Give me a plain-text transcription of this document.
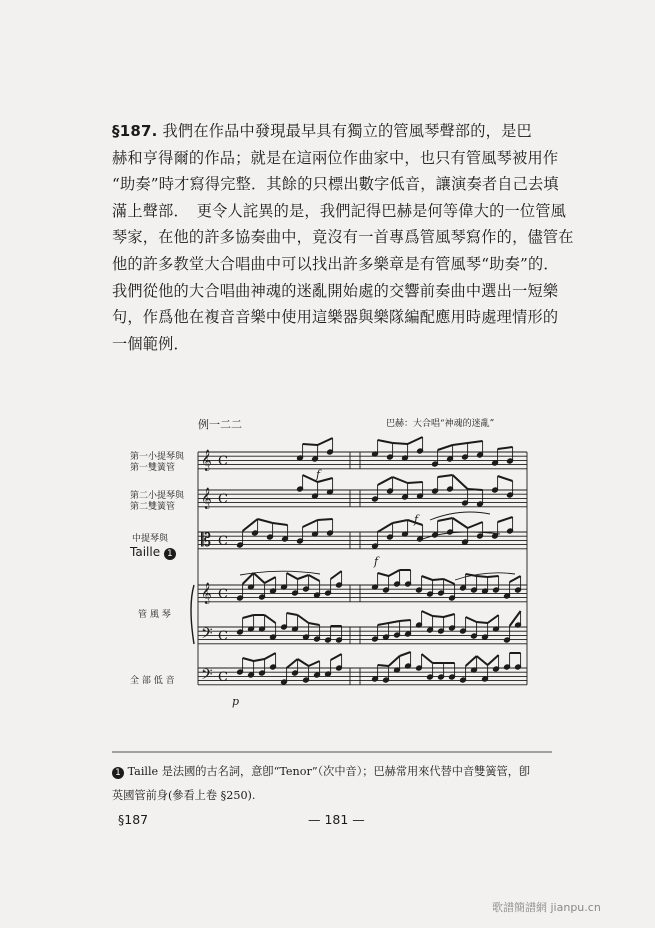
§187. 我們在作品中發現最早具有獨立的管風琴聲部的，是巴

赫和亨得爾的作品；就是在這兩位作曲家中，也只有管風琴被用作

“助奏”時才寫得完整．其餘的只標出數字低音，讓演奏者自己去填

滿上聲部．　更令人詫異的是，我們記得巴赫是何等偉大的一位管風

琴家，在他的許多協奏曲中，竟沒有一首專爲管風琴寫作的，儘管在

他的許多教堂大合唱曲中可以找出許多樂章是有管風琴“助奏”的．

我們從他的大合唱曲神魂的迷亂開始處的交響前奏曲中選出一短樂

句，作爲他在複音音樂中使用這樂器與樂隊編配應用時處理情形的

一個範例．

例一二二	巴赫：大合唱“神魂的迷亂”
第一小提琴與
第一雙簧管
第二小提琴與
第二雙簧管
中提琴與
Taille 1
管 風 琴
全 部 低 音
𝄞
𝄞
𝄡
𝄞
𝄢
𝄢
C
C
C
C
C
C
f
f
f
p

1 Taille 是法國的古名詞，意卽“Tenor”（次中音）；巴赫常用來代替中音雙簧管，卽

英國管前身(參看上卷 §250).

§187	— 181 —
歌譜簡譜網 jianpu.cn
